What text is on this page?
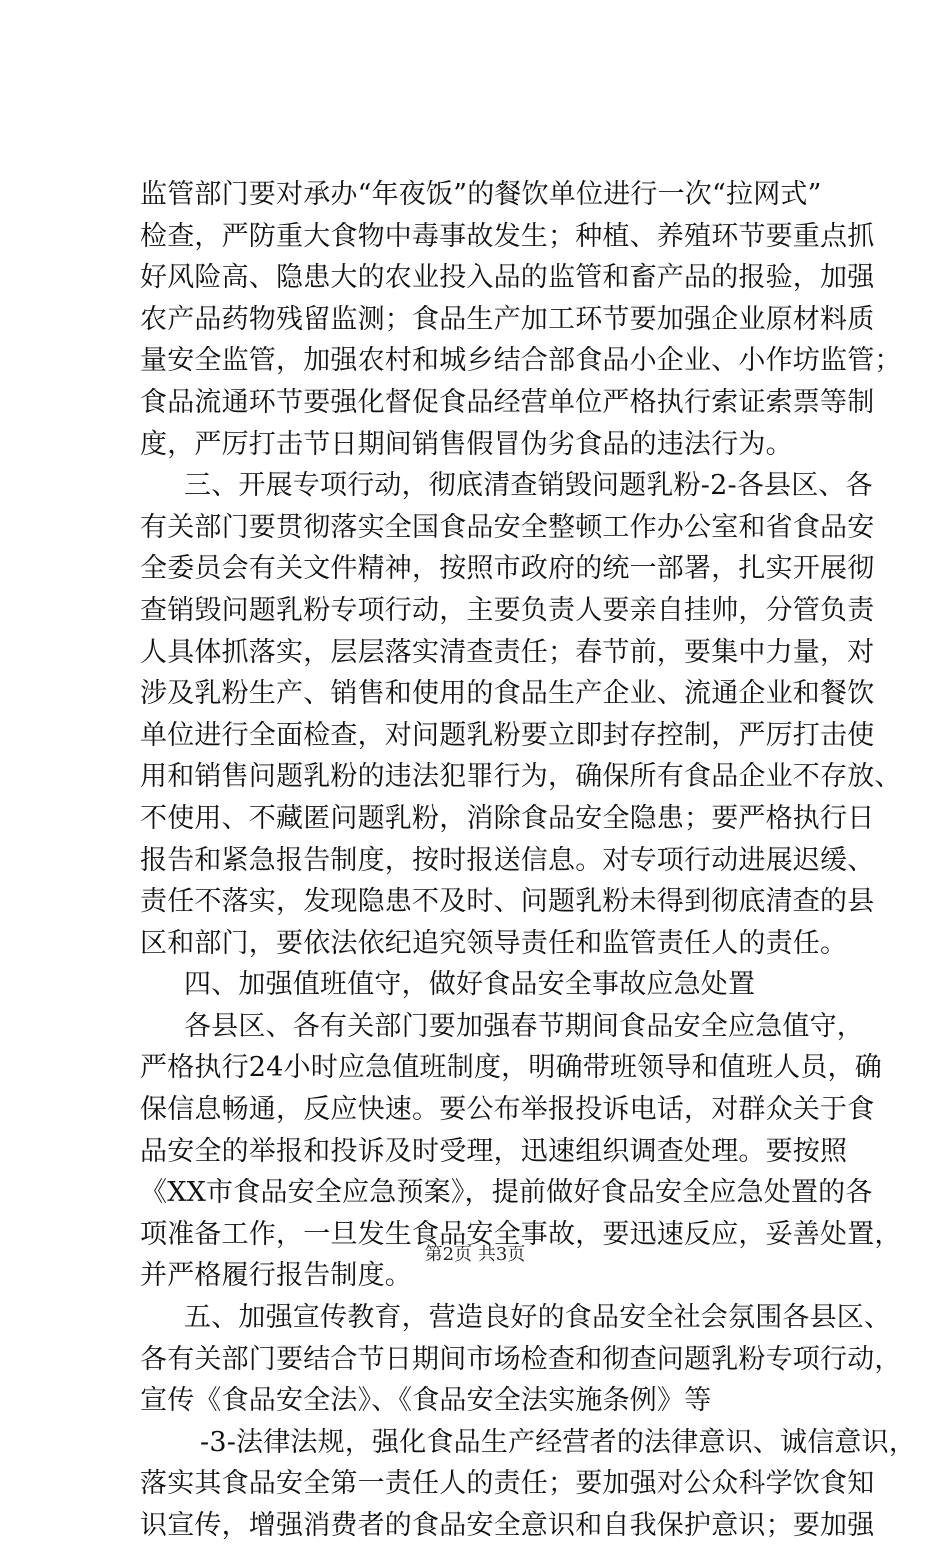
监管部门要对承办“年夜饭”的餐饮单位进行一次“拉网式”
检查，严防重大食物中毒事故发生；种植、养殖环节要重点抓
好风险高、隐患大的农业投入品的监管和畜产品的报验，加强
农产品药物残留监测；食品生产加工环节要加强企业原材料质
量安全监管，加强农村和城乡结合部食品小企业、小作坊监管；
食品流通环节要强化督促食品经营单位严格执行索证索票等制
度，严厉打击节日期间销售假冒伪劣食品的违法行为。
三、开展专项行动，彻底清查销毁问题乳粉-2-各县区、各
有关部门要贯彻落实全国食品安全整顿工作办公室和省食品安
全委员会有关文件精神，按照市政府的统一部署，扎实开展彻
查销毁问题乳粉专项行动，主要负责人要亲自挂帅，分管负责
人具体抓落实，层层落实清查责任；春节前，要集中力量，对
涉及乳粉生产、销售和使用的食品生产企业、流通企业和餐饮
单位进行全面检查，对问题乳粉要立即封存控制，严厉打击使
用和销售问题乳粉的违法犯罪行为，确保所有食品企业不存放、
不使用、不藏匿问题乳粉，消除食品安全隐患；要严格执行日
报告和紧急报告制度，按时报送信息。对专项行动进展迟缓、
责任不落实，发现隐患不及时、问题乳粉未得到彻底清查的县
区和部门，要依法依纪追究领导责任和监管责任人的责任。
四、加强值班值守，做好食品安全事故应急处置
各县区、各有关部门要加强春节期间食品安全应急值守，
严格执行24小时应急值班制度，明确带班领导和值班人员，确
保信息畅通，反应快速。要公布举报投诉电话，对群众关于食
品安全的举报和投诉及时受理，迅速组织调查处理。要按照
《XX市食品安全应急预案》，提前做好食品安全应急处置的各
项准备工作，一旦发生食品安全事故，要迅速反应，妥善处置，
并严格履行报告制度。
五、加强宣传教育，营造良好的食品安全社会氛围各县区、
各有关部门要结合节日期间市场检查和彻查问题乳粉专项行动，
宣传《食品安全法》、《食品安全法实施条例》等
-3-法律法规，强化食品生产经营者的法律意识、诚信意识，
落实其食品安全第一责任人的责任；要加强对公众科学饮食知
识宣传，增强消费者的食品安全意识和自我保护意识；要加强
第2页 共3页
